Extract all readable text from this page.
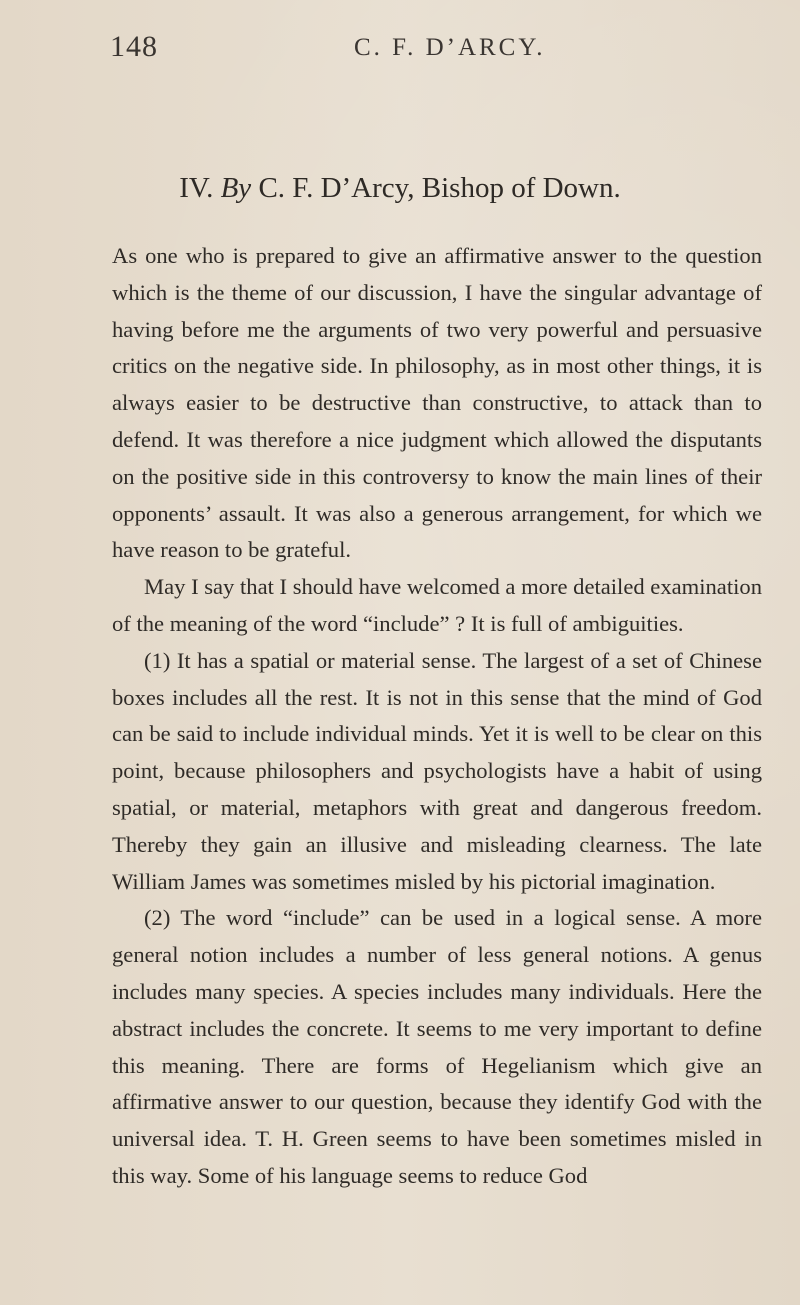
148	C. F. D’ARCY.
IV. By C. F. D’Arcy, Bishop of Down.

As one who is prepared to give an affirmative answer to the question which is the theme of our discussion, I have the singular advantage of having before me the arguments of two very powerful and persuasive critics on the negative side. In philosophy, as in most other things, it is always easier to be destructive than constructive, to attack than to defend. It was therefore a nice judgment which allowed the disputants on the positive side in this controversy to know the main lines of their opponents’ assault. It was also a generous arrangement, for which we have reason to be grateful.

May I say that I should have welcomed a more detailed examination of the meaning of the word “include” ? It is full of ambiguities.

(1) It has a spatial or material sense. The largest of a set of Chinese boxes includes all the rest. It is not in this sense that the mind of God can be said to include individual minds. Yet it is well to be clear on this point, because philosophers and psychologists have a habit of using spatial, or material, metaphors with great and dangerous freedom. Thereby they gain an illusive and misleading clearness. The late William James was sometimes misled by his pictorial imagination.

(2) The word “include” can be used in a logical sense. A more general notion includes a number of less general notions. A genus includes many species. A species includes many individuals. Here the abstract includes the concrete. It seems to me very important to define this meaning. There are forms of Hegelianism which give an affirmative answer to our question, because they identify God with the universal idea. T. H. Green seems to have been sometimes misled in this way. Some of his language seems to reduce God
